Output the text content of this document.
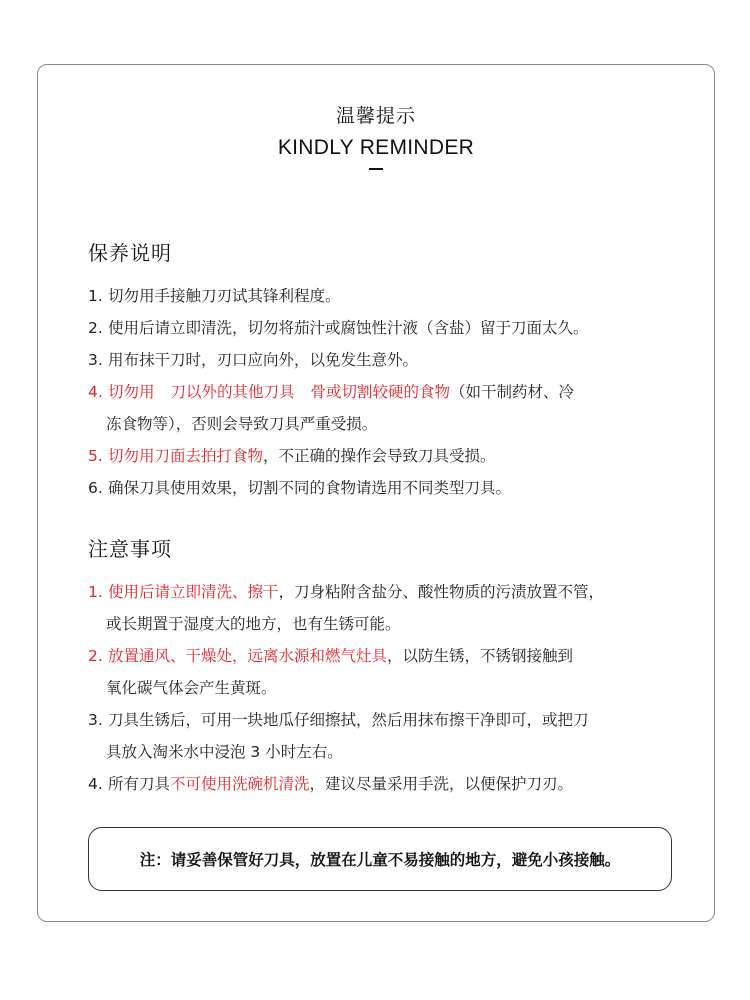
温馨提示
KINDLY REMINDER
保养说明
1. 切勿用手接触刀刃试其锋利程度。
2. 使用后请立即清洗，切勿将茄汁或腐蚀性汁液（含盐）留于刀面太久。
3. 用布抹干刀时，刃口应向外，以免发生意外。
4. 切勿用 刀以外的其他刀具 骨或切割较硬的食物（如干制药材、冷
冻食物等），否则会导致刀具严重受损。
5. 切勿用刀面去拍打食物，不正确的操作会导致刀具受损。
6. 确保刀具使用效果，切割不同的食物请选用不同类型刀具。
注意事项
1. 使用后请立即清洗、擦干，刀身粘附含盐分、酸性物质的污渍放置不管，
或长期置于湿度大的地方，也有生锈可能。
2. 放置通风、干燥处，远离水源和燃气灶具，以防生锈，不锈钢接触到
氧化碳气体会产生黄斑。
3. 刀具生锈后，可用一块地瓜仔细擦拭，然后用抹布擦干净即可，或把刀
具放入淘米水中浸泡 3 小时左右。
4. 所有刀具不可使用洗碗机清洗，建议尽量采用手洗，以便保护刀刃。
注：请妥善保管好刀具，放置在儿童不易接触的地方，避免小孩接触。
